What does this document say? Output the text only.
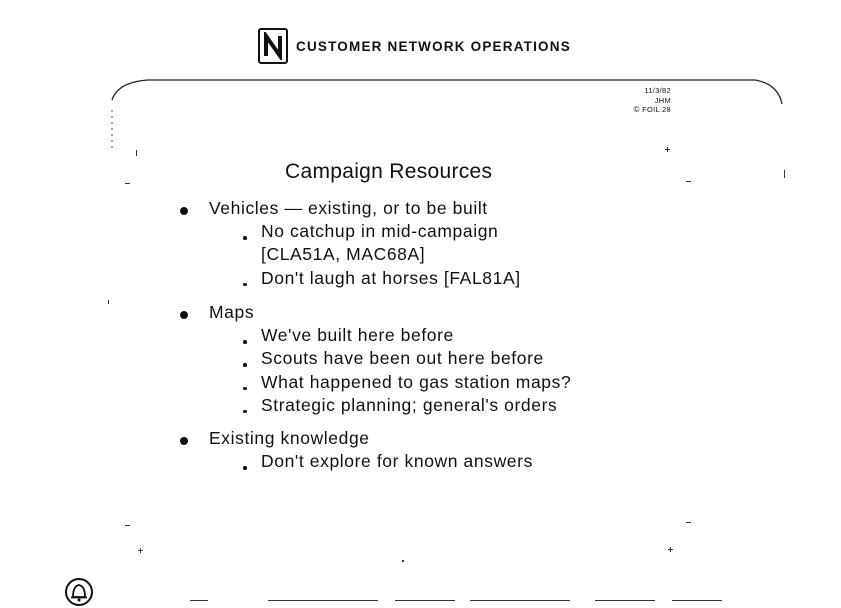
CUSTOMER NETWORK OPERATIONS
11/3/82
JHM
© FOIL 28
Campaign Resources
Vehicles — existing, or to be built
No catchup in mid-campaign
[CLA51A, MAC68A]
Don't laugh at horses [FAL81A]
Maps
We've built here before
Scouts have been out here before
What happened to gas station maps?
Strategic planning; general's orders
Existing knowledge
Don't explore for known answers
